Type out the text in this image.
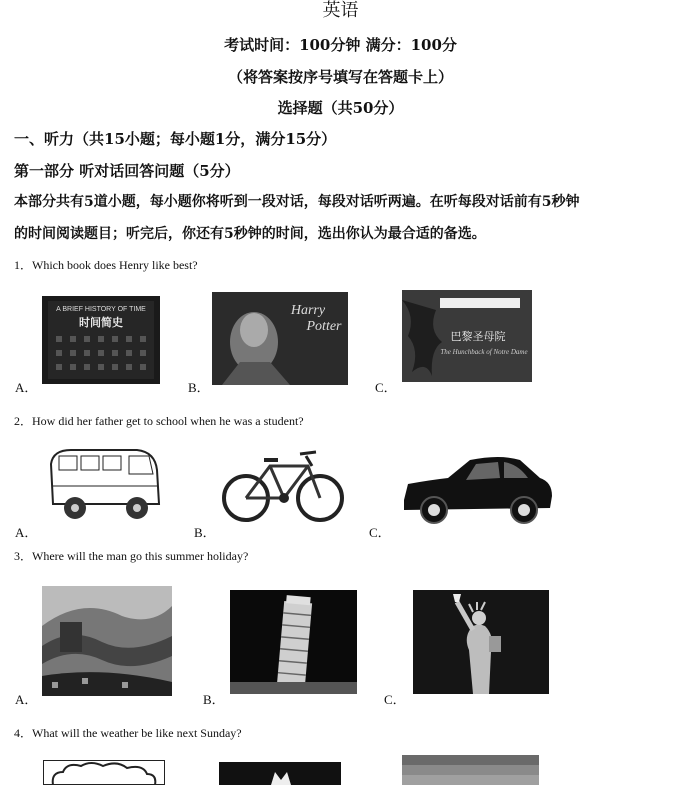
英语
考试时间：100分钟 满分：100分
（将答案按序号填写在答题卡上）
选择题（共50分）
一、听力（共15小题；每小题1分，满分15分）
第一部分 听对话回答问题（5分）
本部分共有5道小题，每小题你将听到一段对话，每段对话听两遍。在听每段对话前有5秒钟
的时间阅读题目；听完后，你还有5秒钟的时间，选出你认为最合适的备选。
1．Which book does Henry like best?
A BRIEF HISTORY OF TIME
时间简史
Harry
Potter
巴黎圣母院
The Hunchback of Notre Dame
A．	B．	C．
2．How did her father get to school when he was a student?
A．	B．	C．
3．Where will the man go this summer holiday?
A．	B．	C．
4．What will the weather be like next Sunday?
